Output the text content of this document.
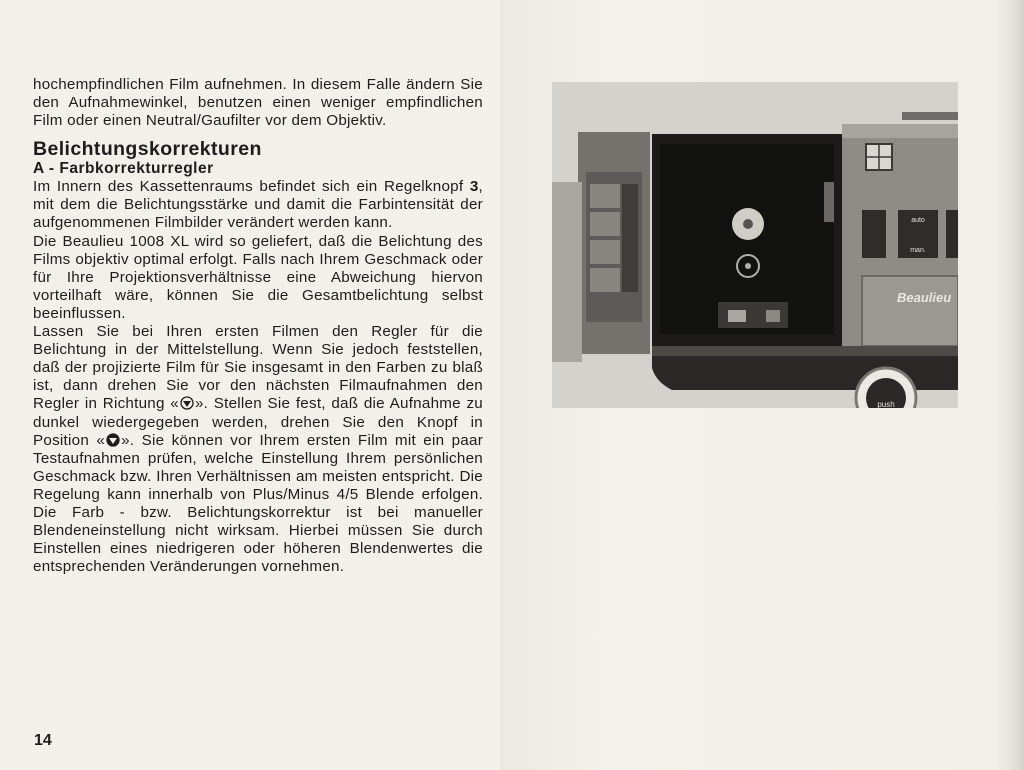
hochempfindlichen Film aufnehmen. In diesem Falle ändern Sie den Aufnahmewinkel, benutzen einen weniger empfindlichen Film oder einen Neutral/Gaufilter vor dem Objektiv.

Belichtungskorrekturen
A - Farbkorrekturregler

Im Innern des Kassettenraums befindet sich ein Regelknopf 3, mit dem die Belichtungsstärke und damit die Farbintensität der aufgenommenen Filmbilder verändert werden kann.

Die Beaulieu 1008 XL wird so geliefert, daß die Belichtung des Films objektiv optimal erfolgt. Falls nach Ihrem Geschmack oder für Ihre Projektionsverhältnisse eine Abweichung hiervon vorteilhaft wäre, können Sie die Gesamtbelichtung selbst beeinflussen.

Lassen Sie bei Ihren ersten Filmen den Regler für die Belichtung in der Mittelstellung. Wenn Sie jedoch feststellen, daß der projizierte Film für Sie insgesamt in den Farben zu blaß ist, dann drehen Sie vor den nächsten Filmaufnahmen den Regler in Richtung « ». Stellen Sie fest, daß die Aufnahme zu dunkel wiedergegeben werden, drehen Sie den Knopf in Position « ». Sie können vor Ihrem ersten Film mit ein paar Testaufnahmen prüfen, welche Einstellung Ihrem persönlichen Geschmack bzw. Ihren Verhältnissen am meisten entspricht. Die Regelung kann innerhalb von Plus/Minus 4/5 Blende erfolgen. Die Farb - bzw. Belichtungskorrektur ist bei manueller Blendeneinstellung nicht wirksam. Hierbei müssen Sie durch Einstellen eines niedrigeren oder höheren Blendenwertes die entsprechenden Veränderungen vornehmen.

14
auto
man.
Beaulieu
push
